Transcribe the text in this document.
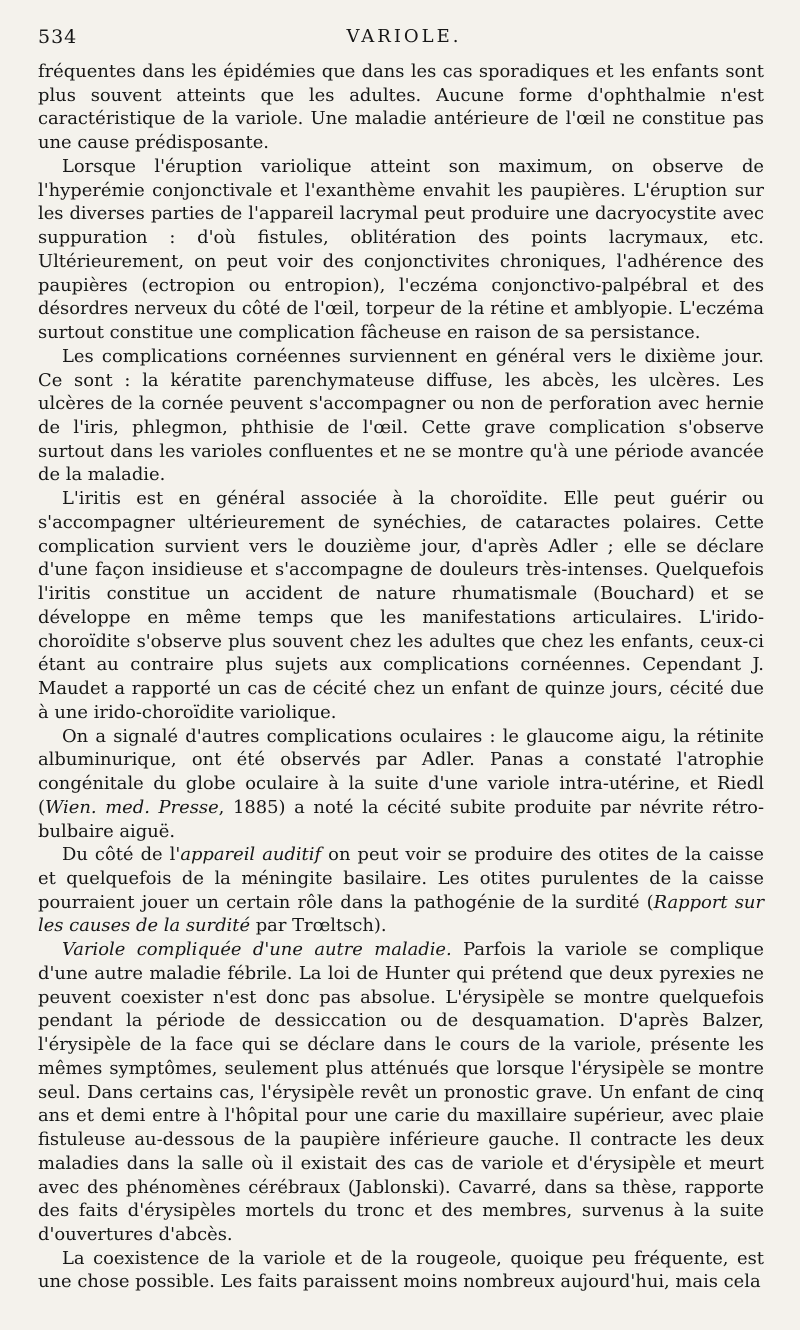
534	VARIOLE.

fréquentes dans les épidémies que dans les cas sporadiques et les enfants sont plus souvent atteints que les adultes. Aucune forme d'ophthalmie n'est caractéristique de la variole. Une maladie antérieure de l'œil ne constitue pas une cause prédisposante.

Lorsque l'éruption variolique atteint son maximum, on observe de l'hyperémie conjonctivale et l'exanthème envahit les paupières. L'éruption sur les diverses parties de l'appareil lacrymal peut produire une dacryocystite avec suppuration : d'où fistules, oblitération des points lacrymaux, etc. Ultérieurement, on peut voir des conjonctivites chroniques, l'adhérence des paupières (ectropion ou entropion), l'eczéma conjonctivo-palpébral et des désordres nerveux du côté de l'œil, torpeur de la rétine et amblyopie. L'eczéma surtout constitue une complication fâcheuse en raison de sa persistance.

Les complications cornéennes surviennent en général vers le dixième jour. Ce sont : la kératite parenchymateuse diffuse, les abcès, les ulcères. Les ulcères de la cornée peuvent s'accompagner ou non de perforation avec hernie de l'iris, phlegmon, phthisie de l'œil. Cette grave complication s'observe surtout dans les varioles confluentes et ne se montre qu'à une période avancée de la maladie.

L'iritis est en général associée à la choroïdite. Elle peut guérir ou s'accompagner ultérieurement de synéchies, de cataractes polaires. Cette complication survient vers le douzième jour, d'après Adler ; elle se déclare d'une façon insidieuse et s'accompagne de douleurs très-intenses. Quelquefois l'iritis constitue un accident de nature rhumatismale (Bouchard) et se développe en même temps que les manifestations articulaires. L'irido-choroïdite s'observe plus souvent chez les adultes que chez les enfants, ceux-ci étant au contraire plus sujets aux complications cornéennes. Cependant J. Maudet a rapporté un cas de cécité chez un enfant de quinze jours, cécité due à une irido-choroïdite variolique.

On a signalé d'autres complications oculaires : le glaucome aigu, la rétinite albuminurique, ont été observés par Adler. Panas a constaté l'atrophie congénitale du globe oculaire à la suite d'une variole intra-utérine, et Riedl (Wien. med. Presse, 1885) a noté la cécité subite produite par névrite rétro-bulbaire aiguë.

Du côté de l'appareil auditif on peut voir se produire des otites de la caisse et quelquefois de la méningite basilaire. Les otites purulentes de la caisse pourraient jouer un certain rôle dans la pathogénie de la surdité (Rapport sur les causes de la surdité par Trœltsch).

Variole compliquée d'une autre maladie. Parfois la variole se complique d'une autre maladie fébrile. La loi de Hunter qui prétend que deux pyrexies ne peuvent coexister n'est donc pas absolue. L'érysipèle se montre quelquefois pendant la période de dessiccation ou de desquamation. D'après Balzer, l'érysipèle de la face qui se déclare dans le cours de la variole, présente les mêmes symptômes, seulement plus atténués que lorsque l'érysipèle se montre seul. Dans certains cas, l'érysipèle revêt un pronostic grave. Un enfant de cinq ans et demi entre à l'hôpital pour une carie du maxillaire supérieur, avec plaie fistuleuse au-dessous de la paupière inférieure gauche. Il contracte les deux maladies dans la salle où il existait des cas de variole et d'érysipèle et meurt avec des phénomènes cérébraux (Jablonski). Cavarré, dans sa thèse, rapporte des faits d'érysipèles mortels du tronc et des membres, survenus à la suite d'ouvertures d'abcès.

La coexistence de la variole et de la rougeole, quoique peu fréquente, est une chose possible. Les faits paraissent moins nombreux aujourd'hui, mais cela
